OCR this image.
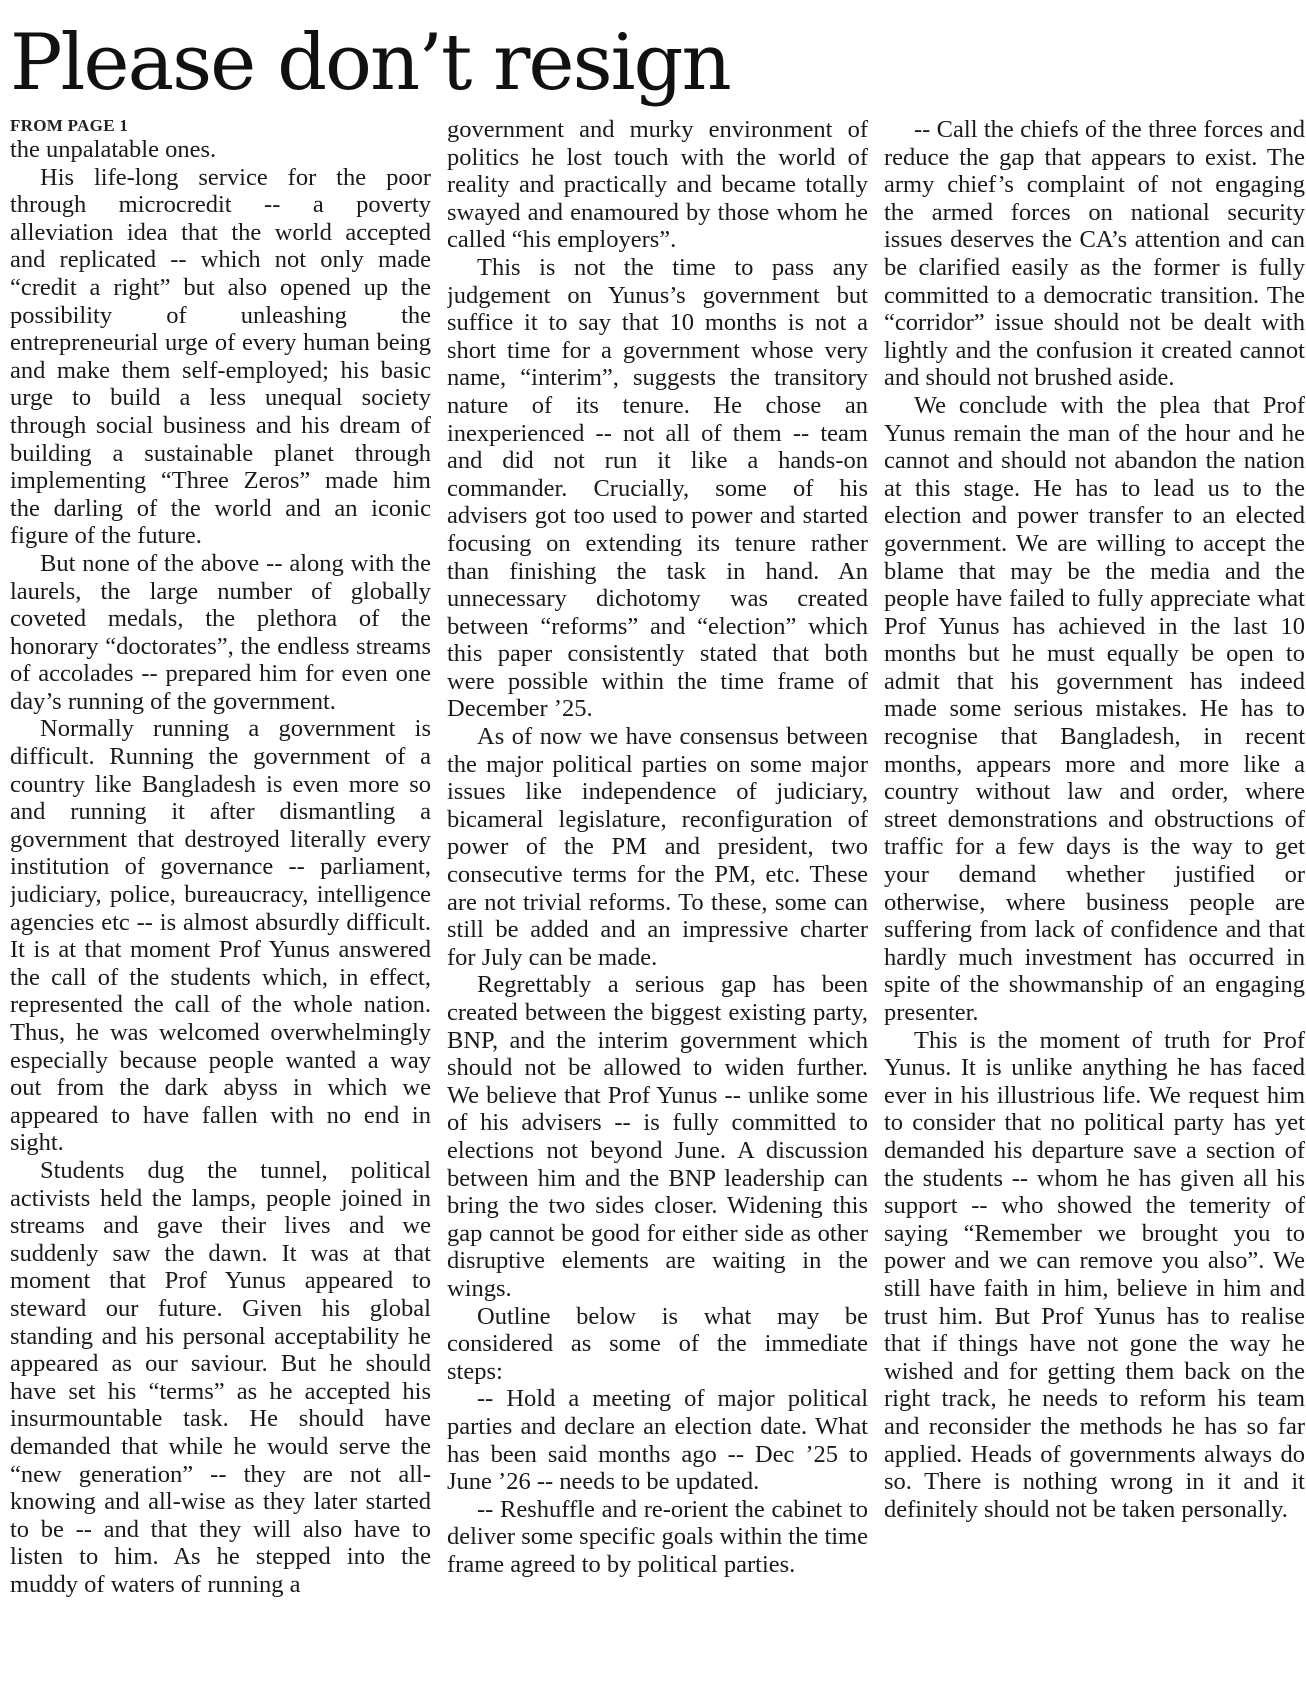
Please don’t resign
FROM PAGE 1

the unpalatable ones.

His life-long service for the poor through microcredit -- a poverty alleviation idea that the world accepted and replicated -- which not only made “credit a right” but also opened up the possibility of unleashing the entrepreneurial urge of every human being and make them self-employed; his basic urge to build a less unequal society through social business and his dream of building a sustainable planet through implementing “Three Zeros” made him the darling of the world and an iconic figure of the future.

But none of the above -- along with the laurels, the large number of globally coveted medals, the plethora of the honorary “doctorates”, the endless streams of accolades -- prepared him for even one day’s running of the government.

Normally running a government is difficult. Running the government of a country like Bangladesh is even more so and running it after dismantling a government that destroyed literally every institution of governance -- parliament, judiciary, police, bureaucracy, intelligence agencies etc -- is almost absurdly difficult. It is at that moment Prof Yunus answered the call of the students which, in effect, represented the call of the whole nation. Thus, he was welcomed overwhelmingly especially because people wanted a way out from the dark abyss in which we appeared to have fallen with no end in sight.

Students dug the tunnel, political activists held the lamps, people joined in streams and gave their lives and we suddenly saw the dawn. It was at that moment that Prof Yunus appeared to steward our future. Given his global standing and his personal acceptability he appeared as our saviour. But he should have set his “terms” as he accepted his insurmountable task. He should have demanded that while he would serve the “new generation” -- they are not all-knowing and all-wise as they later started to be -- and that they will also have to listen to him. As he stepped into the muddy of waters of running a

government and murky environment of politics he lost touch with the world of reality and practically and became totally swayed and enamoured by those whom he called “his employers”.

This is not the time to pass any judgement on Yunus’s government but suffice it to say that 10 months is not a short time for a government whose very name, “interim”, suggests the transitory nature of its tenure. He chose an inexperienced -- not all of them -- team and did not run it like a hands-on commander. Crucially, some of his advisers got too used to power and started focusing on extending its tenure rather than finishing the task in hand. An unnecessary dichotomy was created between “reforms” and “election” which this paper consistently stated that both were possible within the time frame of December ’25.

As of now we have consensus between the major political parties on some major issues like independence of judiciary, bicameral legislature, reconfiguration of power of the PM and president, two consecutive terms for the PM, etc. These are not trivial reforms. To these, some can still be added and an impressive charter for July can be made.

Regrettably a serious gap has been created between the biggest existing party, BNP, and the interim government which should not be allowed to widen further. We believe that Prof Yunus -- unlike some of his advisers -- is fully committed to elections not beyond June. A discussion between him and the BNP leadership can bring the two sides closer. Widening this gap cannot be good for either side as other disruptive elements are waiting in the wings.

Outline below is what may be considered as some of the immediate steps:

-- Hold a meeting of major political parties and declare an election date. What has been said months ago -- Dec ’25 to June ’26 -- needs to be updated.

-- Reshuffle and re-orient the cabinet to deliver some specific goals within the time frame agreed to by political parties.

-- Call the chiefs of the three forces and reduce the gap that appears to exist. The army chief’s complaint of not engaging the armed forces on national security issues deserves the CA’s attention and can be clarified easily as the former is fully committed to a democratic transition. The “corridor” issue should not be dealt with lightly and the confusion it created cannot and should not brushed aside.

We conclude with the plea that Prof Yunus remain the man of the hour and he cannot and should not abandon the nation at this stage. He has to lead us to the election and power transfer to an elected government. We are willing to accept the blame that may be the media and the people have failed to fully appreciate what Prof Yunus has achieved in the last 10 months but he must equally be open to admit that his government has indeed made some serious mistakes. He has to recognise that Bangladesh, in recent months, appears more and more like a country without law and order, where street demonstrations and obstructions of traffic for a few days is the way to get your demand whether justified or otherwise, where business people are suffering from lack of confidence and that hardly much investment has occurred in spite of the showmanship of an engaging presenter.

This is the moment of truth for Prof Yunus. It is unlike anything he has faced ever in his illustrious life. We request him to consider that no political party has yet demanded his departure save a section of the students -- whom he has given all his support -- who showed the temerity of saying “Remember we brought you to power and we can remove you also”. We still have faith in him, believe in him and trust him. But Prof Yunus has to realise that if things have not gone the way he wished and for getting them back on the right track, he needs to reform his team and reconsider the methods he has so far applied. Heads of governments always do so. There is nothing wrong in it and it definitely should not be taken personally.
